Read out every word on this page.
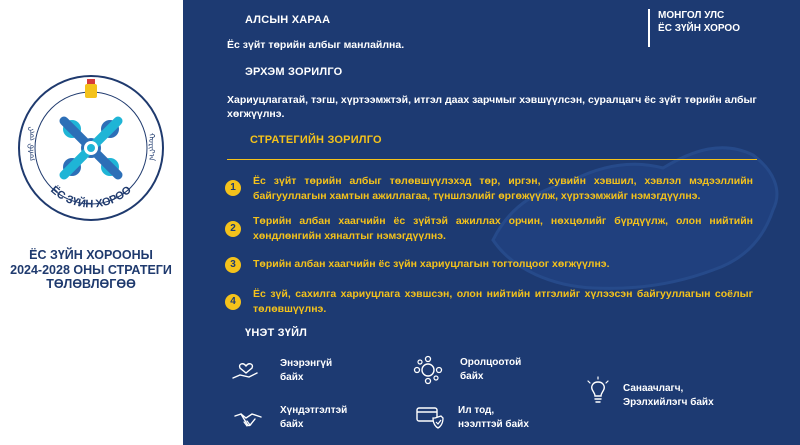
ᠶᠣᠰᠤ ᠵᠦᠢ	ᠬᠣᠷᠢᠶ᠎ᠠ
ЁС ЗҮЙН ХОРОО
ЁС ЗҮЙН ХОРООНЫ
2024-2028 ОНЫ СТРАТЕГИ
ТӨЛӨВЛӨГӨӨ
МОНГОЛ УЛС
ЁС ЗҮЙН ХОРОО
АЛСЫН ХАРАА
Ёс зүйт төрийн албыг манлайлна.
ЭРХЭМ ЗОРИЛГО
Хариуцлагатай, тэгш, хүртээмжтэй, итгэл даах зарчмыг хэвшүүлсэн, суралцагч ёс зүйт төрийн албыг хөгжүүлнэ.
СТРАТЕГИЙН ЗОРИЛГО
1
Ёс зүйт төрийн албыг төлөвшүүлэхэд төр, иргэн, хувийн хэвшил, хэвлэл мэдээллийн байгууллагын хамтын ажиллагаа, түншлэлийг өргөжүүлж, хүртээмжийг нэмэгдүүлнэ.
2
Төрийн албан хаагчийн ёс зүйтэй ажиллах орчин, нөхцөлийг бүрдүүлж, олон нийтийн хөндлөнгийн хяналтыг нэмэгдүүлнэ.
3	Төрийн албан хаагчийн ёс зүйн хариуцлагын тогтолцоог хөгжүүлнэ.
4
Ёс зүй, сахилга хариуцлага хэвшсэн, олон нийтийн итгэлийг хүлээсэн байгууллагын соёлыг төлөвшүүлнэ.
ҮНЭТ ЗҮЙЛ
Энэрэнгүй
байх
Оролцоотой
байх
Санаачлагч,
Эрэлхийлэгч байх
Хүндэтгэлтэй
байх
Ил тод,
нээлттэй байх
